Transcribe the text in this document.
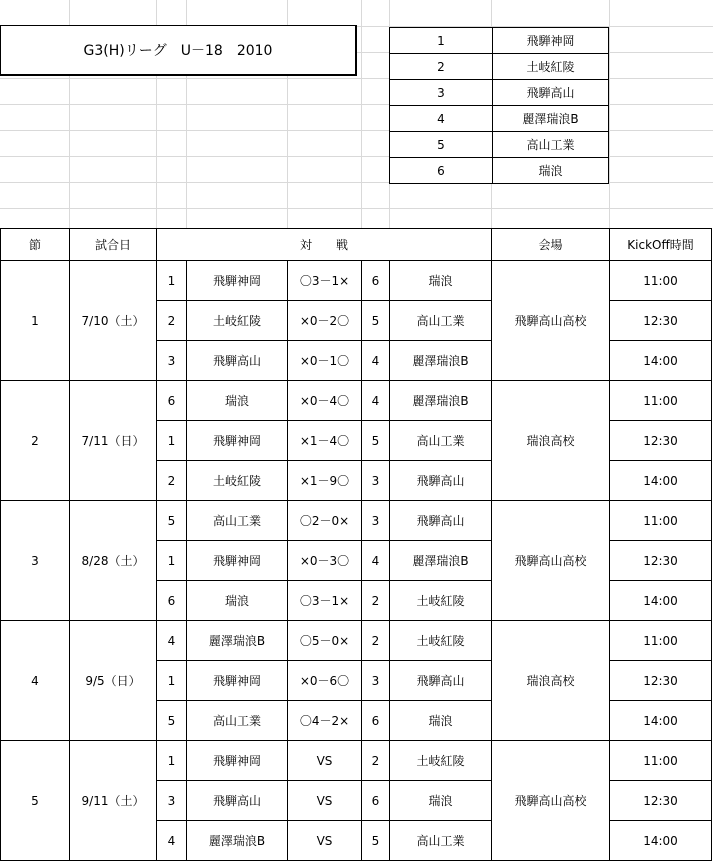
G3(H)リーグ　U－18　2010
1	飛騨神岡
2	土岐紅陵
3	飛騨高山
4	麗澤瑞浪B
5	高山工業
6	瑞浪
節	試合日	対　　戦					会場	KickOff時間
1	7/10（土）	1	飛騨神岡	〇3－1×	6	瑞浪	飛騨高山高校	11:00
		2	土岐紅陵	×0－2〇	5	高山工業		12:30
		3	飛騨高山	×0－1〇	4	麗澤瑞浪B		14:00
2	7/11（日）	6	瑞浪	×0－4〇	4	麗澤瑞浪B	瑞浪高校	11:00
		1	飛騨神岡	×1－4〇	5	高山工業		12:30
		2	土岐紅陵	×1－9〇	3	飛騨高山		14:00
3	8/28（土）	5	高山工業	〇2－0×	3	飛騨高山	飛騨高山高校	11:00
		1	飛騨神岡	×0－3〇	4	麗澤瑞浪B		12:30
		6	瑞浪	〇3－1×	2	土岐紅陵		14:00
4	9/5（日）	4	麗澤瑞浪B	〇5－0×	2	土岐紅陵	瑞浪高校	11:00
		1	飛騨神岡	×0－6〇	3	飛騨高山		12:30
		5	高山工業	〇4－2×	6	瑞浪		14:00
5	9/11（土）	1	飛騨神岡	VS	2	土岐紅陵	飛騨高山高校	11:00
		3	飛騨高山	VS	6	瑞浪		12:30
		4	麗澤瑞浪B	VS	5	高山工業		14:00
